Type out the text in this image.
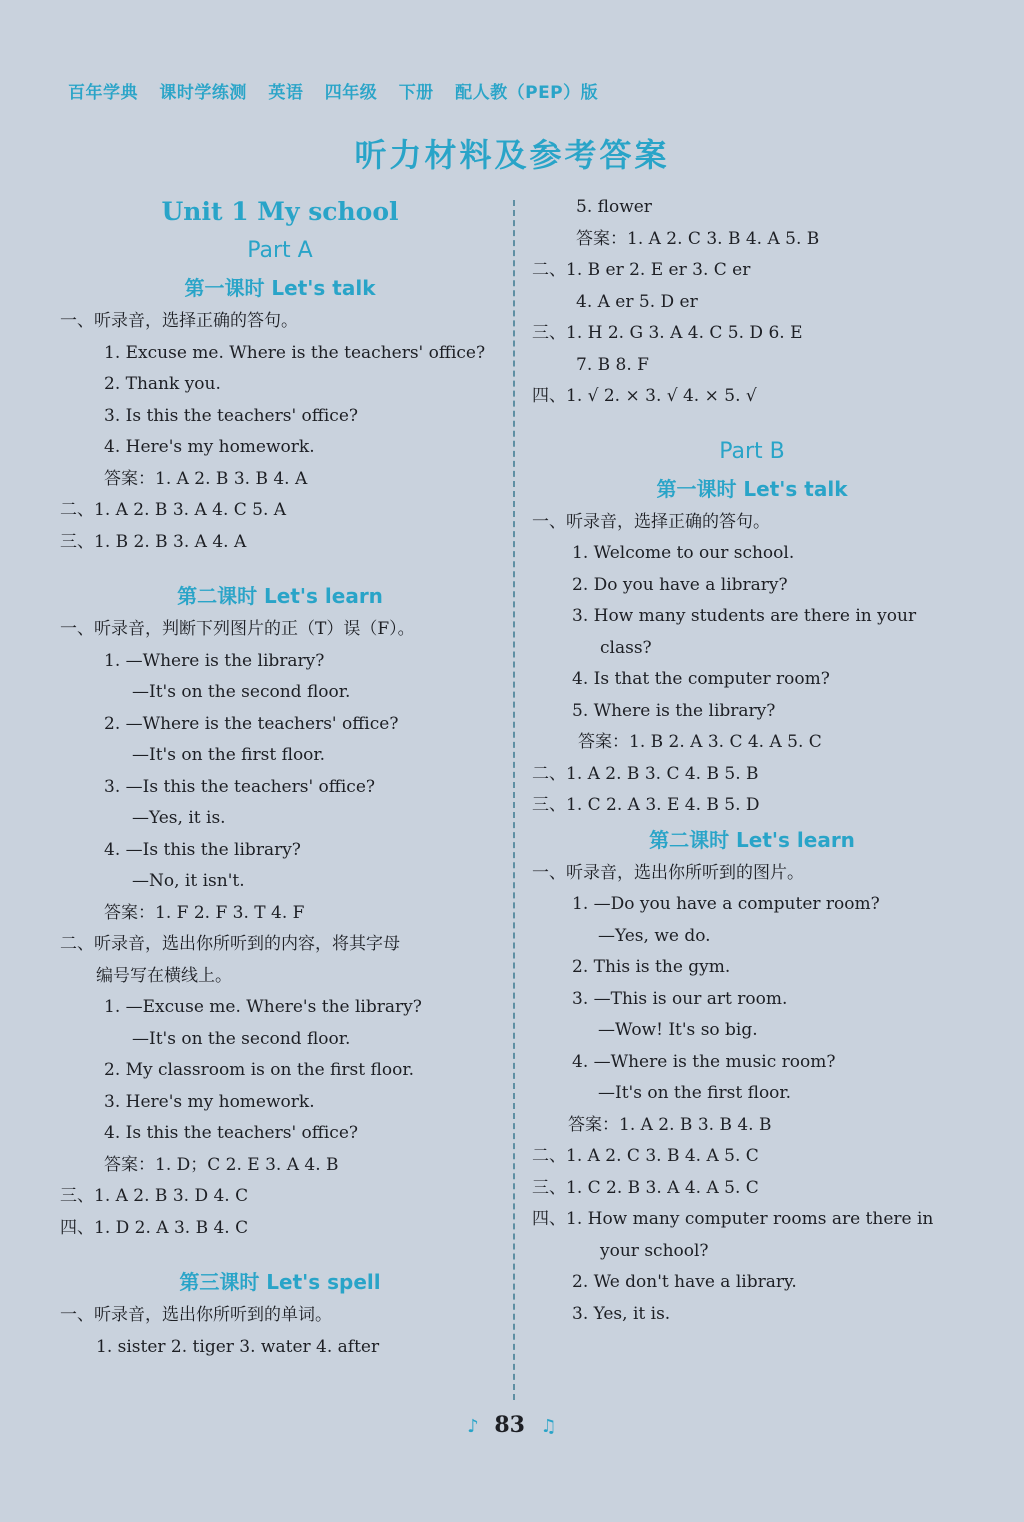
百年学典 课时学练测 英语 四年级 下册 配人教（PEP）版
听力材料及参考答案
Unit 1 My school
Part A
第一课时 Let's talk
一、听录音，选择正确的答句。
1. Excuse me. Where is the teachers' office?
2. Thank you.
3. Is this the teachers' office?
4. Here's my homework.
答案：1. A 2. B 3. B 4. A
二、1. A 2. B 3. A 4. C 5. A
三、1. B 2. B 3. A 4. A
第二课时 Let's learn
一、听录音，判断下列图片的正（T）误（F）。
1. —Where is the library?
—It's on the second floor.
2. —Where is the teachers' office?
—It's on the first floor.
3. —Is this the teachers' office?
—Yes, it is.
4. —Is this the library?
—No, it isn't.
答案：1. F 2. F 3. T 4. F
二、听录音，选出你所听到的内容，将其字母
编号写在横线上。
1. —Excuse me. Where's the library?
—It's on the second floor.
2. My classroom is on the first floor.
3. Here's my homework.
4. Is this the teachers' office?
答案：1. D；C 2. E 3. A 4. B
三、1. A 2. B 3. D 4. C
四、1. D 2. A 3. B 4. C
第三课时 Let's spell
一、听录音，选出你所听到的单词。
1. sister 2. tiger 3. water 4. after
5. flower
答案：1. A 2. C 3. B 4. A 5. B
二、1. B er 2. E er 3. C er
4. A er 5. D er
三、1. H 2. G 3. A 4. C 5. D 6. E
7. B 8. F
四、1. √ 2. × 3. √ 4. × 5. √
Part B
第一课时 Let's talk
一、听录音，选择正确的答句。
1. Welcome to our school.
2. Do you have a library?
3. How many students are there in your
class?
4. Is that the computer room?
5. Where is the library?
答案：1. B 2. A 3. C 4. A 5. C
二、1. A 2. B 3. C 4. B 5. B
三、1. C 2. A 3. E 4. B 5. D
第二课时 Let's learn
一、听录音，选出你所听到的图片。
1. —Do you have a computer room?
—Yes, we do.
2. This is the gym.
3. —This is our art room.
—Wow! It's so big.
4. —Where is the music room?
—It's on the first floor.
答案：1. A 2. B 3. B 4. B
二、1. A 2. C 3. B 4. A 5. C
三、1. C 2. B 3. A 4. A 5. C
四、1. How many computer rooms are there in
your school?
2. We don't have a library.
3. Yes, it is.
♪ 83 ♫
